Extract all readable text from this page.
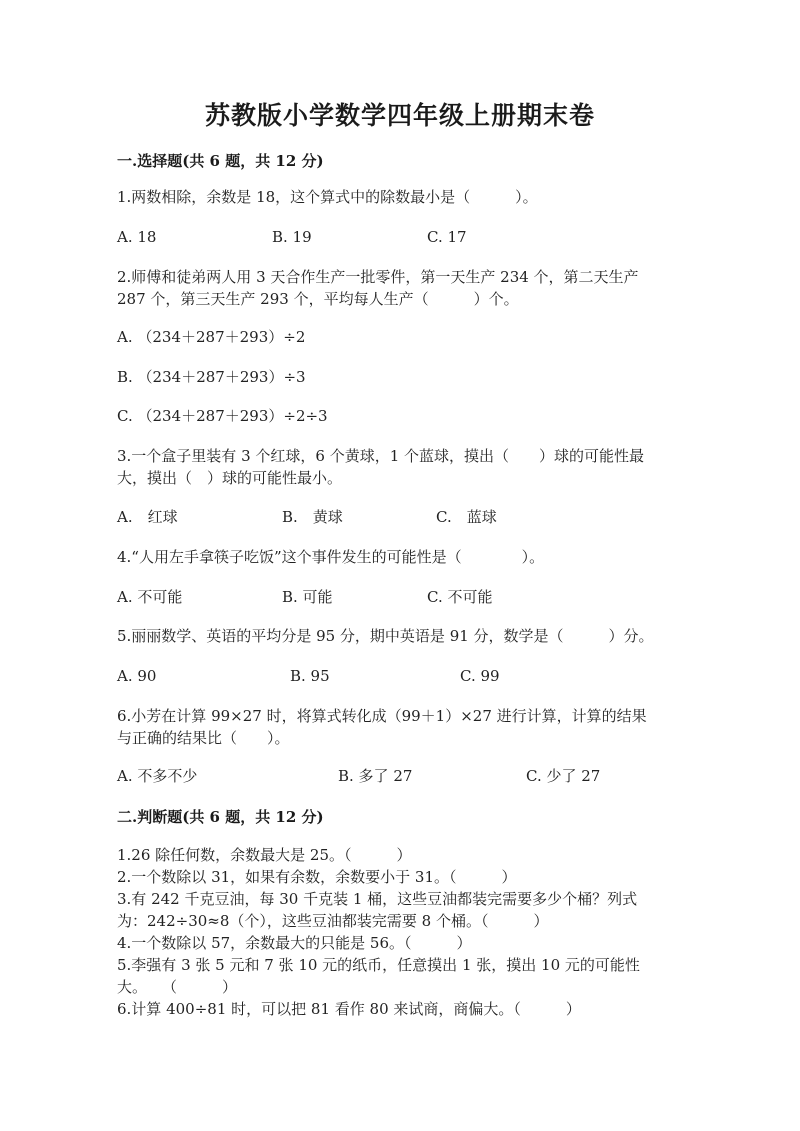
苏教版小学数学四年级上册期末卷
一.选择题(共 6 题，共 12 分)
1.两数相除，余数是 18，这个算式中的除数最小是（　　　）。
A. 18	B. 19	C. 17
2.师傅和徒弟两人用 3 天合作生产一批零件，第一天生产 234 个，第二天生产
287 个，第三天生产 293 个，平均每人生产（　　　）个。
A. （234＋287＋293）÷2
B. （234＋287＋293）÷3
C. （234＋287＋293）÷2÷3
3.一个盒子里装有 3 个红球，6 个黄球，1 个蓝球，摸出（　　）球的可能性最
大，摸出（　）球的可能性最小。
A.　红球	B.　黄球	C.　蓝球
4.“人用左手拿筷子吃饭”这个事件发生的可能性是（　　　　）。
A. 不可能	B. 可能	C. 不可能
5.丽丽数学、英语的平均分是 95 分，期中英语是 91 分，数学是（　　　）分。
A. 90	B. 95	C. 99
6.小芳在计算 99×27 时，将算式转化成（99＋1）×27 进行计算，计算的结果
与正确的结果比（　　）。
A. 不多不少	B. 多了 27	C. 少了 27
二.判断题(共 6 题，共 12 分)
1.26 除任何数，余数最大是 25。（　　　）
2.一个数除以 31，如果有余数，余数要小于 31。（　　　）
3.有 242 千克豆油，每 30 千克装 1 桶，这些豆油都装完需要多少个桶？列式
为：242÷30≈8（个），这些豆油都装完需要 8 个桶。（　　　）
4.一个数除以 57，余数最大的只能是 56。（　　　）
5.李强有 3 张 5 元和 7 张 10 元的纸币，任意摸出 1 张，摸出 10 元的可能性
大。　　（　　　）
6.计算 400÷81 时，可以把 81 看作 80 来试商，商偏大。（　　　）
